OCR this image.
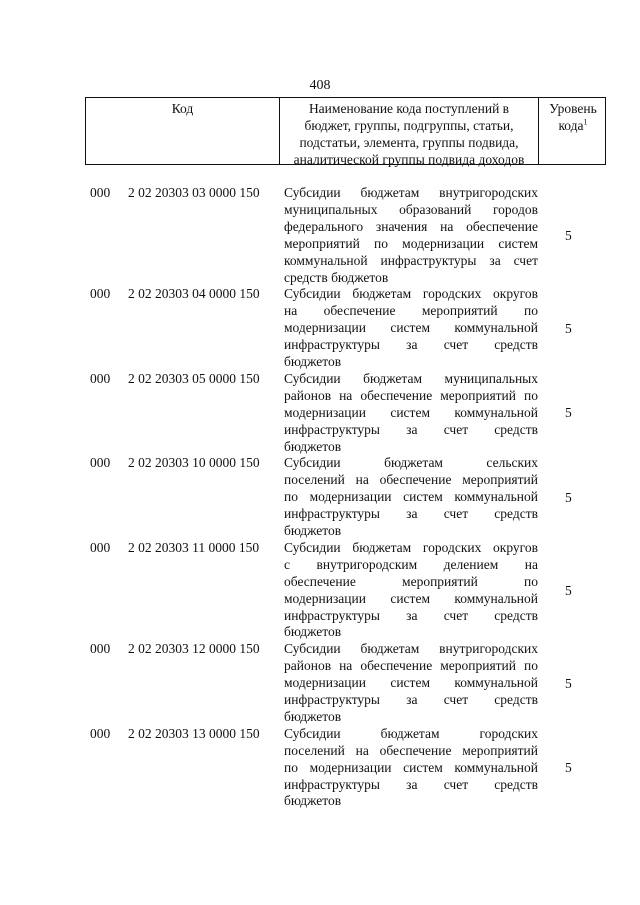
408
Код	Наименование кода поступлений в
бюджет, группы, подгруппы, статьи,
подстатьи, элемента, группы подвида,
аналитической группы подвида доходов
Уровень
кода$^1$
000 2 02 20303 03 0000 150 Субсидии бюджетам внутригородских
муниципальных образований городов
федерального значения на обеспечение
мероприятий по модернизации систем
коммунальной инфраструктуры за счет
средств бюджетов
5
000 2 02 20303 04 0000 150 Субсидии бюджетам городских округов
на обеспечение мероприятий по
модернизации систем коммунальной
инфраструктуры за счет средств
бюджетов
5
000 2 02 20303 05 0000 150 Субсидии бюджетам муниципальных
районов на обеспечение мероприятий по
модернизации систем коммунальной
инфраструктуры за счет средств
бюджетов
5
000 2 02 20303 10 0000 150 Субсидии бюджетам сельских
поселений на обеспечение мероприятий
по модернизации систем коммунальной
инфраструктуры за счет средств
бюджетов
5
000 2 02 20303 11 0000 150 Субсидии бюджетам городских округов
с внутригородским делением на
обеспечение мероприятий по
модернизации систем коммунальной
инфраструктуры за счет средств
бюджетов
5
000 2 02 20303 12 0000 150 Субсидии бюджетам внутригородских
районов на обеспечение мероприятий по
модернизации систем коммунальной
инфраструктуры за счет средств
бюджетов
5
000 2 02 20303 13 0000 150 Субсидии бюджетам городских
поселений на обеспечение мероприятий
по модернизации систем коммунальной
инфраструктуры за счет средств
бюджетов
5
